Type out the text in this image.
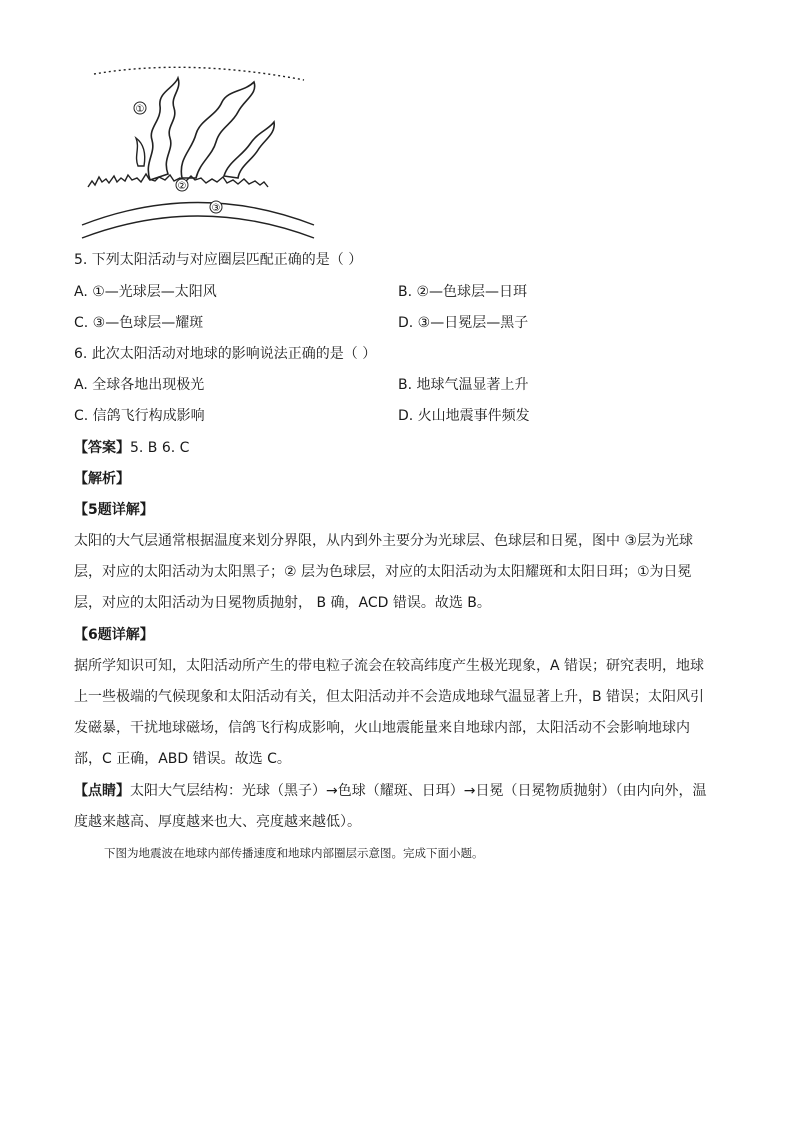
①
②
③
5. 下列太阳活动与对应圈层匹配正确的是（ ）
A. ①—光球层—太阳风	B. ②—色球层—日珥
C. ③—色球层—耀斑	D. ③—日冕层—黑子
6. 此次太阳活动对地球的影响说法正确的是（ ）
A. 全球各地出现极光	B. 地球气温显著上升
C. 信鸽飞行构成影响	D. 火山地震事件频发
【答案】5. B 6. C
【解析】
【5题详解】
太阳的大气层通常根据温度来划分界限，从内到外主要分为光球层、色球层和日冕，图中 ③层为光球
层，对应的太阳活动为太阳黑子；② 层为色球层，对应的太阳活动为太阳耀斑和太阳日珥；①为日冕
层，对应的太阳活动为日冕物质抛射， B 确，ACD 错误。故选 B。
【6题详解】
据所学知识可知，太阳活动所产生的带电粒子流会在较高纬度产生极光现象，A 错误；研究表明，地球
上一些极端的气候现象和太阳活动有关，但太阳活动并不会造成地球气温显著上升，B 错误；太阳风引
发磁暴，干扰地球磁场，信鸽飞行构成影响，火山地震能量来自地球内部，太阳活动不会影响地球内
部，C 正确，ABD 错误。故选 C。
【点睛】太阳大气层结构：光球（黑子）→色球（耀斑、日珥）→日冕（日冕物质抛射）（由内向外，温
度越来越高、厚度越来也大、亮度越来越低）。
下图为地震波在地球内部传播速度和地球内部圈层示意图。完成下面小题。
